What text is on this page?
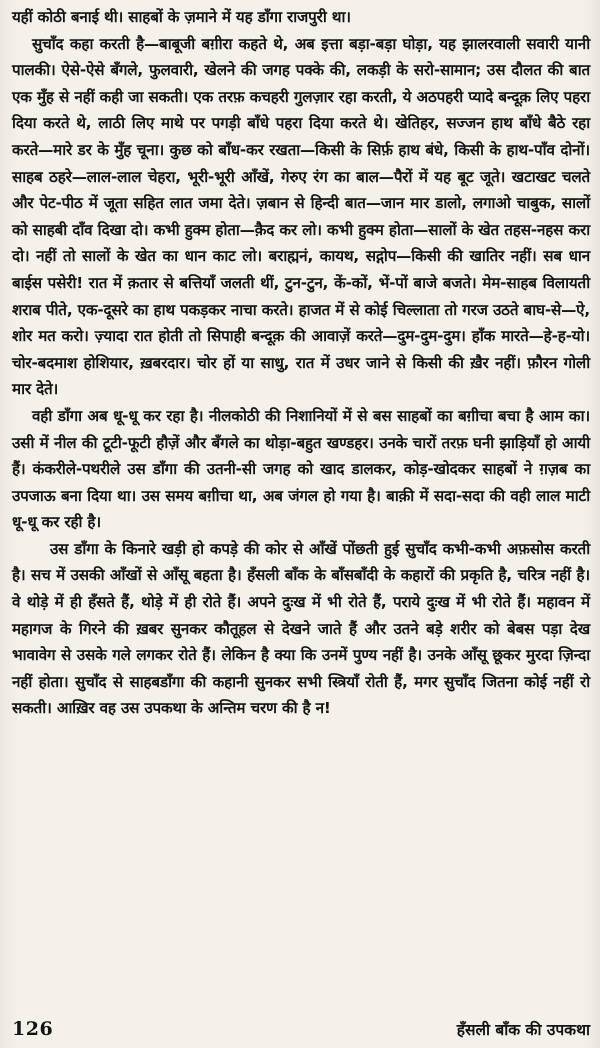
यहीं कोठी बनाई थी। साहबों के ज़माने में यह डाँगा राजपुरी था।

सुचाँद कहा करती है—बाबूजी बग़ीरा कहते थे, अब इत्ता बड़ा-बड़ा घोड़ा, यह झालरवाली सवारी यानी पालकी। ऐसे-ऐसे बँगले, फुलवारी, खेलने की जगह पक्के की, लकड़ी के सरो-सामान; उस दौलत की बात एक मुँह से नहीं कही जा सकती। एक तरफ़ कचहरी गुलज़ार रहा करती, ये अठपहरी प्यादे बन्दूक़ लिए पहरा दिया करते थे, लाठी लिए माथे पर पगड़ी बाँधे पहरा दिया करते थे। खेतिहर, सज्जन हाथ बाँधे बैठे रहा करते—मारे डर के मुँह चूना। कुछ को बाँध-कर रखता—किसी के सिर्फ़ हाथ बंधे, किसी के हाथ-पाँव दोनों। साहब ठहरे—लाल-लाल चेहरा, भूरी-भूरी आँखें, गेरुए रंग का बाल—पैरों में यह बूट जूते। खटाखट चलते और पेट-पीठ में जूता सहित लात जमा देते। ज़बान से हिन्दी बात—जान मार डालो, लगाओ चाबुक, सालों को साहबी दाँव दिखा दो। कभी हुक्म होता—क़ैद कर लो। कभी हुक्म होता—सालों के खेत तहस-नहस करा दो। नहीं तो सालों के खेत का धान काट लो। बराह्मनं, कायथ, सद्गोप—किसी की खातिर नहीं। सब धान बाईस पसेरी! रात में क़तार से बत्तियाँ जलती थीं, टुन-टुन, कें-कों, भें-पों बाजे बजते। मेम-साहब विलायती शराब पीते, एक-दूसरे का हाथ पकड़कर नाचा करते। हाजत में से कोई चिल्लाता तो गरज उठते बाघ-से—ऐ, शोर मत करो। ज़्यादा रात होती तो सिपाही बन्दूक़ की आवाज़ें करते—दुम-दुम-दुम। हाँक मारते—हे-ह-यो। चोर-बदमाश होशियार, ख़बरदार। चोर हों या साधु, रात में उधर जाने से किसी की ख़ैर नहीं। फ़ौरन गोली मार देते।

वही डाँगा अब धू-धू कर रहा है। नीलकोठी की निशानियों में से बस साहबों का बग़ीचा बचा है आम का। उसी में नील की टूटी-फूटी हौज़ें और बँगले का थोड़ा-बहुत खण्डहर। उनके चारों तरफ़ घनी झाड़ियाँ हो आयी हैं। कंकरीले-पथरीले उस डाँगा की उतनी-सी जगह को खाद डालकर, कोड़-खोदकर साहबों ने ग़ज़ब का उपजाऊ बना दिया था। उस समय बग़ीचा था, अब जंगल हो गया है। बाक़ी में सदा-सदा की वही लाल माटी धू-धू कर रही है।

उस डाँगा के किनारे खड़ी हो कपड़े की कोर से आँखें पोंछती हुई सुचाँद कभी-कभी अफ़सोस करती है। सच में उसकी आँखों से आँसू बहता है। हँसली बाँक के बाँसबाँदी के कहारों की प्रकृति है, चरित्र नहीं है। वे थोड़े में ही हँसते हैं, थोड़े में ही रोते हैं। अपने दुःख में भी रोते हैं, पराये दुःख में भी रोते हैं। महावन में महागज के गिरने की ख़बर सुनकर कौतूहल से देखने जाते हैं और उतने बड़े शरीर को बेबस पड़ा देख भावावेग से उसके गले लगकर रोते हैं। लेकिन है क्या कि उनमें पुण्य नहीं है। उनके आँसू छूकर मुरदा ज़िन्दा नहीं होता। सुचाँद से साहबडाँगा की कहानी सुनकर सभी स्त्रियाँ रोती हैं, मगर सुचाँद जितना कोई नहीं रो सकती। आख़िर वह उस उपकथा के अन्तिम चरण की है न!

126	हँसली बाँक की उपकथा
